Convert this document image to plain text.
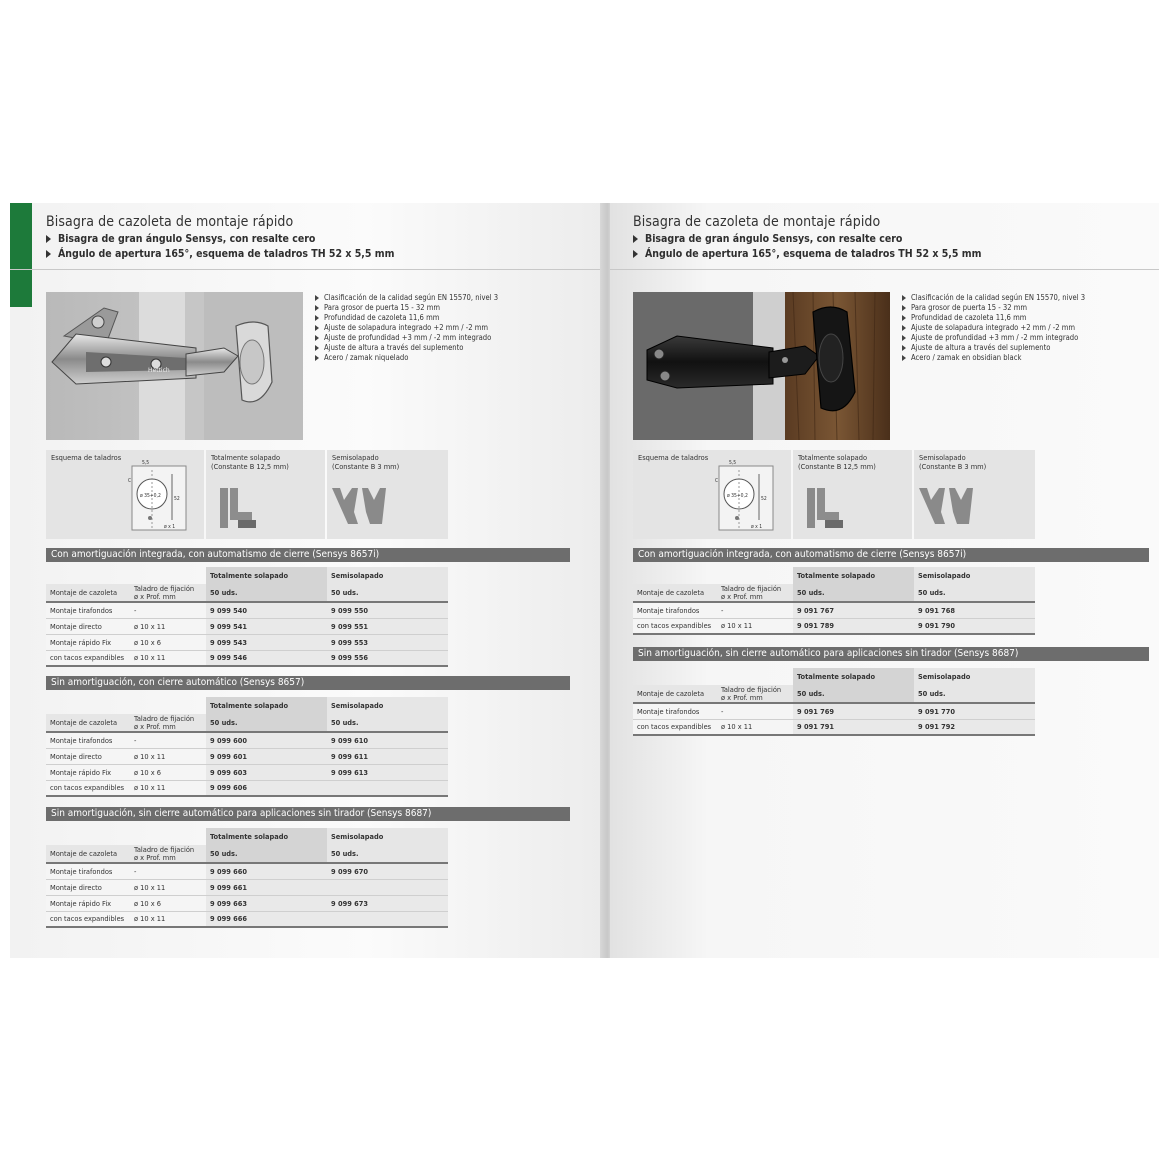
Bisagra de cazoleta de montaje rápido
Bisagra de gran ángulo Sensys, con resalte cero
Ángulo de apertura 165°, esquema de taladros TH 52 x 5,5 mm
Hettich
Clasificación de la calidad según EN 15570, nivel 3
Para grosor de puerta 15 - 32 mm
Profundidad de cazoleta 11,6 mm
Ajuste de solapadura integrado +2 mm / -2 mm
Ajuste de profundidad +3 mm / -2 mm integrado
Ajuste de altura a través del suplemento
Acero / zamak niquelado
Esquema de taladros
5,5
ø 35+0,2	52
ø x 1
C
Totalmente solapado
(Constante B 12,5 mm)
Semisolapado
(Constante B 3 mm)
Con amortiguación integrada, con automatismo de cierre (Sensys 8657i)
		Totalmente solapado	Semisolapado
Montaje de cazoleta	Taladro de fijación
ø x Prof. mm	50 uds.	50 uds.
Montaje tirafondos	-	9 099 540	9 099 550
Montaje directo	ø 10 x 11	9 099 541	9 099 551
Montaje rápido Fix	ø 10 x 6	9 099 543	9 099 553
con tacos expandibles	ø 10 x 11	9 099 546	9 099 556
Sin amortiguación, con cierre automático (Sensys 8657)
		Totalmente solapado	Semisolapado
Montaje de cazoleta	Taladro de fijación
ø x Prof. mm	50 uds.	50 uds.
Montaje tirafondos	-	9 099 600	9 099 610
Montaje directo	ø 10 x 11	9 099 601	9 099 611
Montaje rápido Fix	ø 10 x 6	9 099 603	9 099 613
con tacos expandibles	ø 10 x 11	9 099 606	
Sin amortiguación, sin cierre automático para aplicaciones sin tirador (Sensys 8687)
		Totalmente solapado	Semisolapado
Montaje de cazoleta	Taladro de fijación
ø x Prof. mm	50 uds.	50 uds.
Montaje tirafondos	-	9 099 660	9 099 670
Montaje directo	ø 10 x 11	9 099 661	
Montaje rápido Fix	ø 10 x 6	9 099 663	9 099 673
con tacos expandibles	ø 10 x 11	9 099 666	
Bisagra de cazoleta de montaje rápido
Bisagra de gran ángulo Sensys, con resalte cero
Ángulo de apertura 165°, esquema de taladros TH 52 x 5,5 mm
Clasificación de la calidad según EN 15570, nivel 3
Para grosor de puerta 15 - 32 mm
Profundidad de cazoleta 11,6 mm
Ajuste de solapadura integrado +2 mm / -2 mm
Ajuste de profundidad +3 mm / -2 mm integrado
Ajuste de altura a través del suplemento
Acero / zamak en obsidian black
Esquema de taladros
5,5
ø 35+0,2	52
ø x 1
C
Totalmente solapado
(Constante B 12,5 mm)
Semisolapado
(Constante B 3 mm)
Con amortiguación integrada, con automatismo de cierre (Sensys 8657i)
		Totalmente solapado	Semisolapado
Montaje de cazoleta	Taladro de fijación
ø x Prof. mm	50 uds.	50 uds.
Montaje tirafondos	-	9 091 767	9 091 768
con tacos expandibles	ø 10 x 11	9 091 789	9 091 790
Sin amortiguación, sin cierre automático para aplicaciones sin tirador (Sensys 8687)
		Totalmente solapado	Semisolapado
Montaje de cazoleta	Taladro de fijación
ø x Prof. mm	50 uds.	50 uds.
Montaje tirafondos	-	9 091 769	9 091 770
con tacos expandibles	ø 10 x 11	9 091 791	9 091 792
